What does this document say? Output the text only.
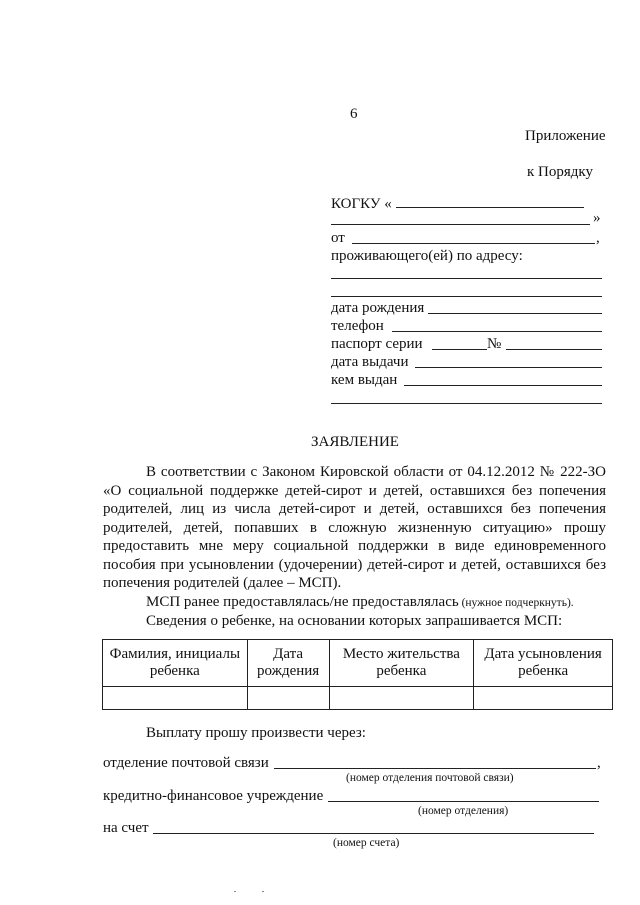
6
Приложение
к Порядку
КОГКУ «
»
от	,
проживающего(ей) по адресу:
дата рождения
телефон
паспорт серии	№
дата выдачи
кем выдан
ЗАЯВЛЕНИЕ
В соответствии с Законом Кировской области от 04.12.2012 № 222-ЗО
«О социальной поддержке детей-сирот и детей, оставшихся без попечения
родителей, лиц из числа детей-сирот и детей, оставшихся без попечения
родителей, детей, попавших в сложную жизненную ситуацию» прошу
предоставить мне меру социальной поддержки в виде единовременного
пособия при усыновлении (удочерении) детей-сирот и детей, оставшихся без
попечения родителей (далее – МСП).
МСП ранее предоставлялась/не предоставлялась (нужное подчеркнуть).
Сведения о ребенке, на основании которых запрашивается МСП:
Фамилия, инициалы ребенка	Дата рождения	Место жительства ребенка	Дата усыновления ребенка

Выплату прошу произвести через:
отделение почтовой связи	,
(номер отделения почтовой связи)
кредитно-финансовое учреждение
(номер отделения)
на счет
(номер счета)
